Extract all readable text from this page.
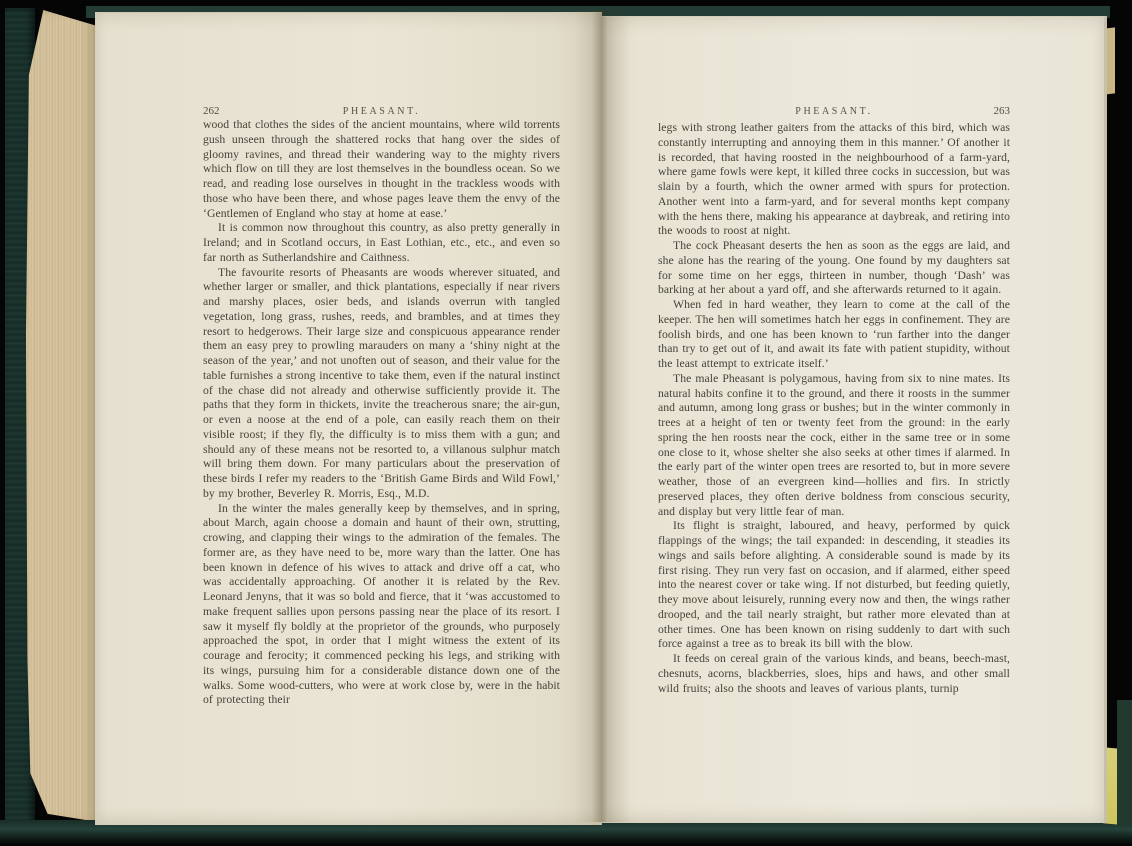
262	PHEASANT.

wood that clothes the sides of the ancient mountains, where wild torrents gush unseen through the shattered rocks that hang over the sides of gloomy ravines, and thread their wandering way to the mighty rivers which flow on till they are lost themselves in the boundless ocean. So we read, and reading lose ourselves in thought in the trackless woods with those who have been there, and whose pages leave them the envy of the ‘Gentlemen of England who stay at home at ease.’

It is common now throughout this country, as also pretty generally in Ireland; and in Scotland occurs, in East Lothian, etc., etc., and even so far north as Sutherlandshire and Caithness.

The favourite resorts of Pheasants are woods wherever situated, and whether larger or smaller, and thick plantations, especially if near rivers and marshy places, osier beds, and islands overrun with tangled vegetation, long grass, rushes, reeds, and brambles, and at times they resort to hedgerows. Their large size and conspicuous appearance render them an easy prey to prowling marauders on many a ‘shiny night at the season of the year,’ and not unoften out of season, and their value for the table furnishes a strong incentive to take them, even if the natural instinct of the chase did not already and otherwise sufficiently provide it. The paths that they form in thickets, invite the treacherous snare; the air-gun, or even a noose at the end of a pole, can easily reach them on their visible roost; if they fly, the difficulty is to miss them with a gun; and should any of these means not be resorted to, a villanous sulphur match will bring them down. For many particulars about the preservation of these birds I refer my readers to the ‘British Game Birds and Wild Fowl,’ by my brother, Beverley R. Morris, Esq., M.D.

In the winter the males generally keep by themselves, and in spring, about March, again choose a domain and haunt of their own, strutting, crowing, and clapping their wings to the admiration of the females. The former are, as they have need to be, more wary than the latter. One has been known in defence of his wives to attack and drive off a cat, who was accidentally approaching. Of another it is related by the Rev. Leonard Jenyns, that it was so bold and fierce, that it ‘was accustomed to make frequent sallies upon persons passing near the place of its resort. I saw it myself fly boldly at the proprietor of the grounds, who purposely approached the spot, in order that I might witness the extent of its courage and ferocity; it commenced pecking his legs, and striking with its wings, pursuing him for a considerable distance down one of the walks. Some wood-cutters, who were at work close by, were in the habit of protecting their

PHEASANT.	263

legs with strong leather gaiters from the attacks of this bird, which was constantly interrupting and annoying them in this manner.’ Of another it is recorded, that having roosted in the neighbourhood of a farm-yard, where game fowls were kept, it killed three cocks in succession, but was slain by a fourth, which the owner armed with spurs for protection. Another went into a farm-yard, and for several months kept company with the hens there, making his appearance at daybreak, and retiring into the woods to roost at night.

The cock Pheasant deserts the hen as soon as the eggs are laid, and she alone has the rearing of the young. One found by my daughters sat for some time on her eggs, thirteen in number, though ‘Dash’ was barking at her about a yard off, and she afterwards returned to it again.

When fed in hard weather, they learn to come at the call of the keeper. The hen will sometimes hatch her eggs in confinement. They are foolish birds, and one has been known to ‘run farther into the danger than try to get out of it, and await its fate with patient stupidity, without the least attempt to extricate itself.’

The male Pheasant is polygamous, having from six to nine mates. Its natural habits confine it to the ground, and there it roosts in the summer and autumn, among long grass or bushes; but in the winter commonly in trees at a height of ten or twenty feet from the ground: in the early spring the hen roosts near the cock, either in the same tree or in some one close to it, whose shelter she also seeks at other times if alarmed. In the early part of the winter open trees are resorted to, but in more severe weather, those of an evergreen kind—hollies and firs. In strictly preserved places, they often derive boldness from conscious security, and display but very little fear of man.

Its flight is straight, laboured, and heavy, performed by quick flappings of the wings; the tail expanded: in descending, it steadies its wings and sails before alighting. A considerable sound is made by its first rising. They run very fast on occasion, and if alarmed, either speed into the nearest cover or take wing. If not disturbed, but feeding quietly, they move about leisurely, running every now and then, the wings rather drooped, and the tail nearly straight, but rather more elevated than at other times. One has been known on rising suddenly to dart with such force against a tree as to break its bill with the blow.

It feeds on cereal grain of the various kinds, and beans, beech-mast, chesnuts, acorns, blackberries, sloes, hips and haws, and other small wild fruits; also the shoots and leaves of various plants, turnip
